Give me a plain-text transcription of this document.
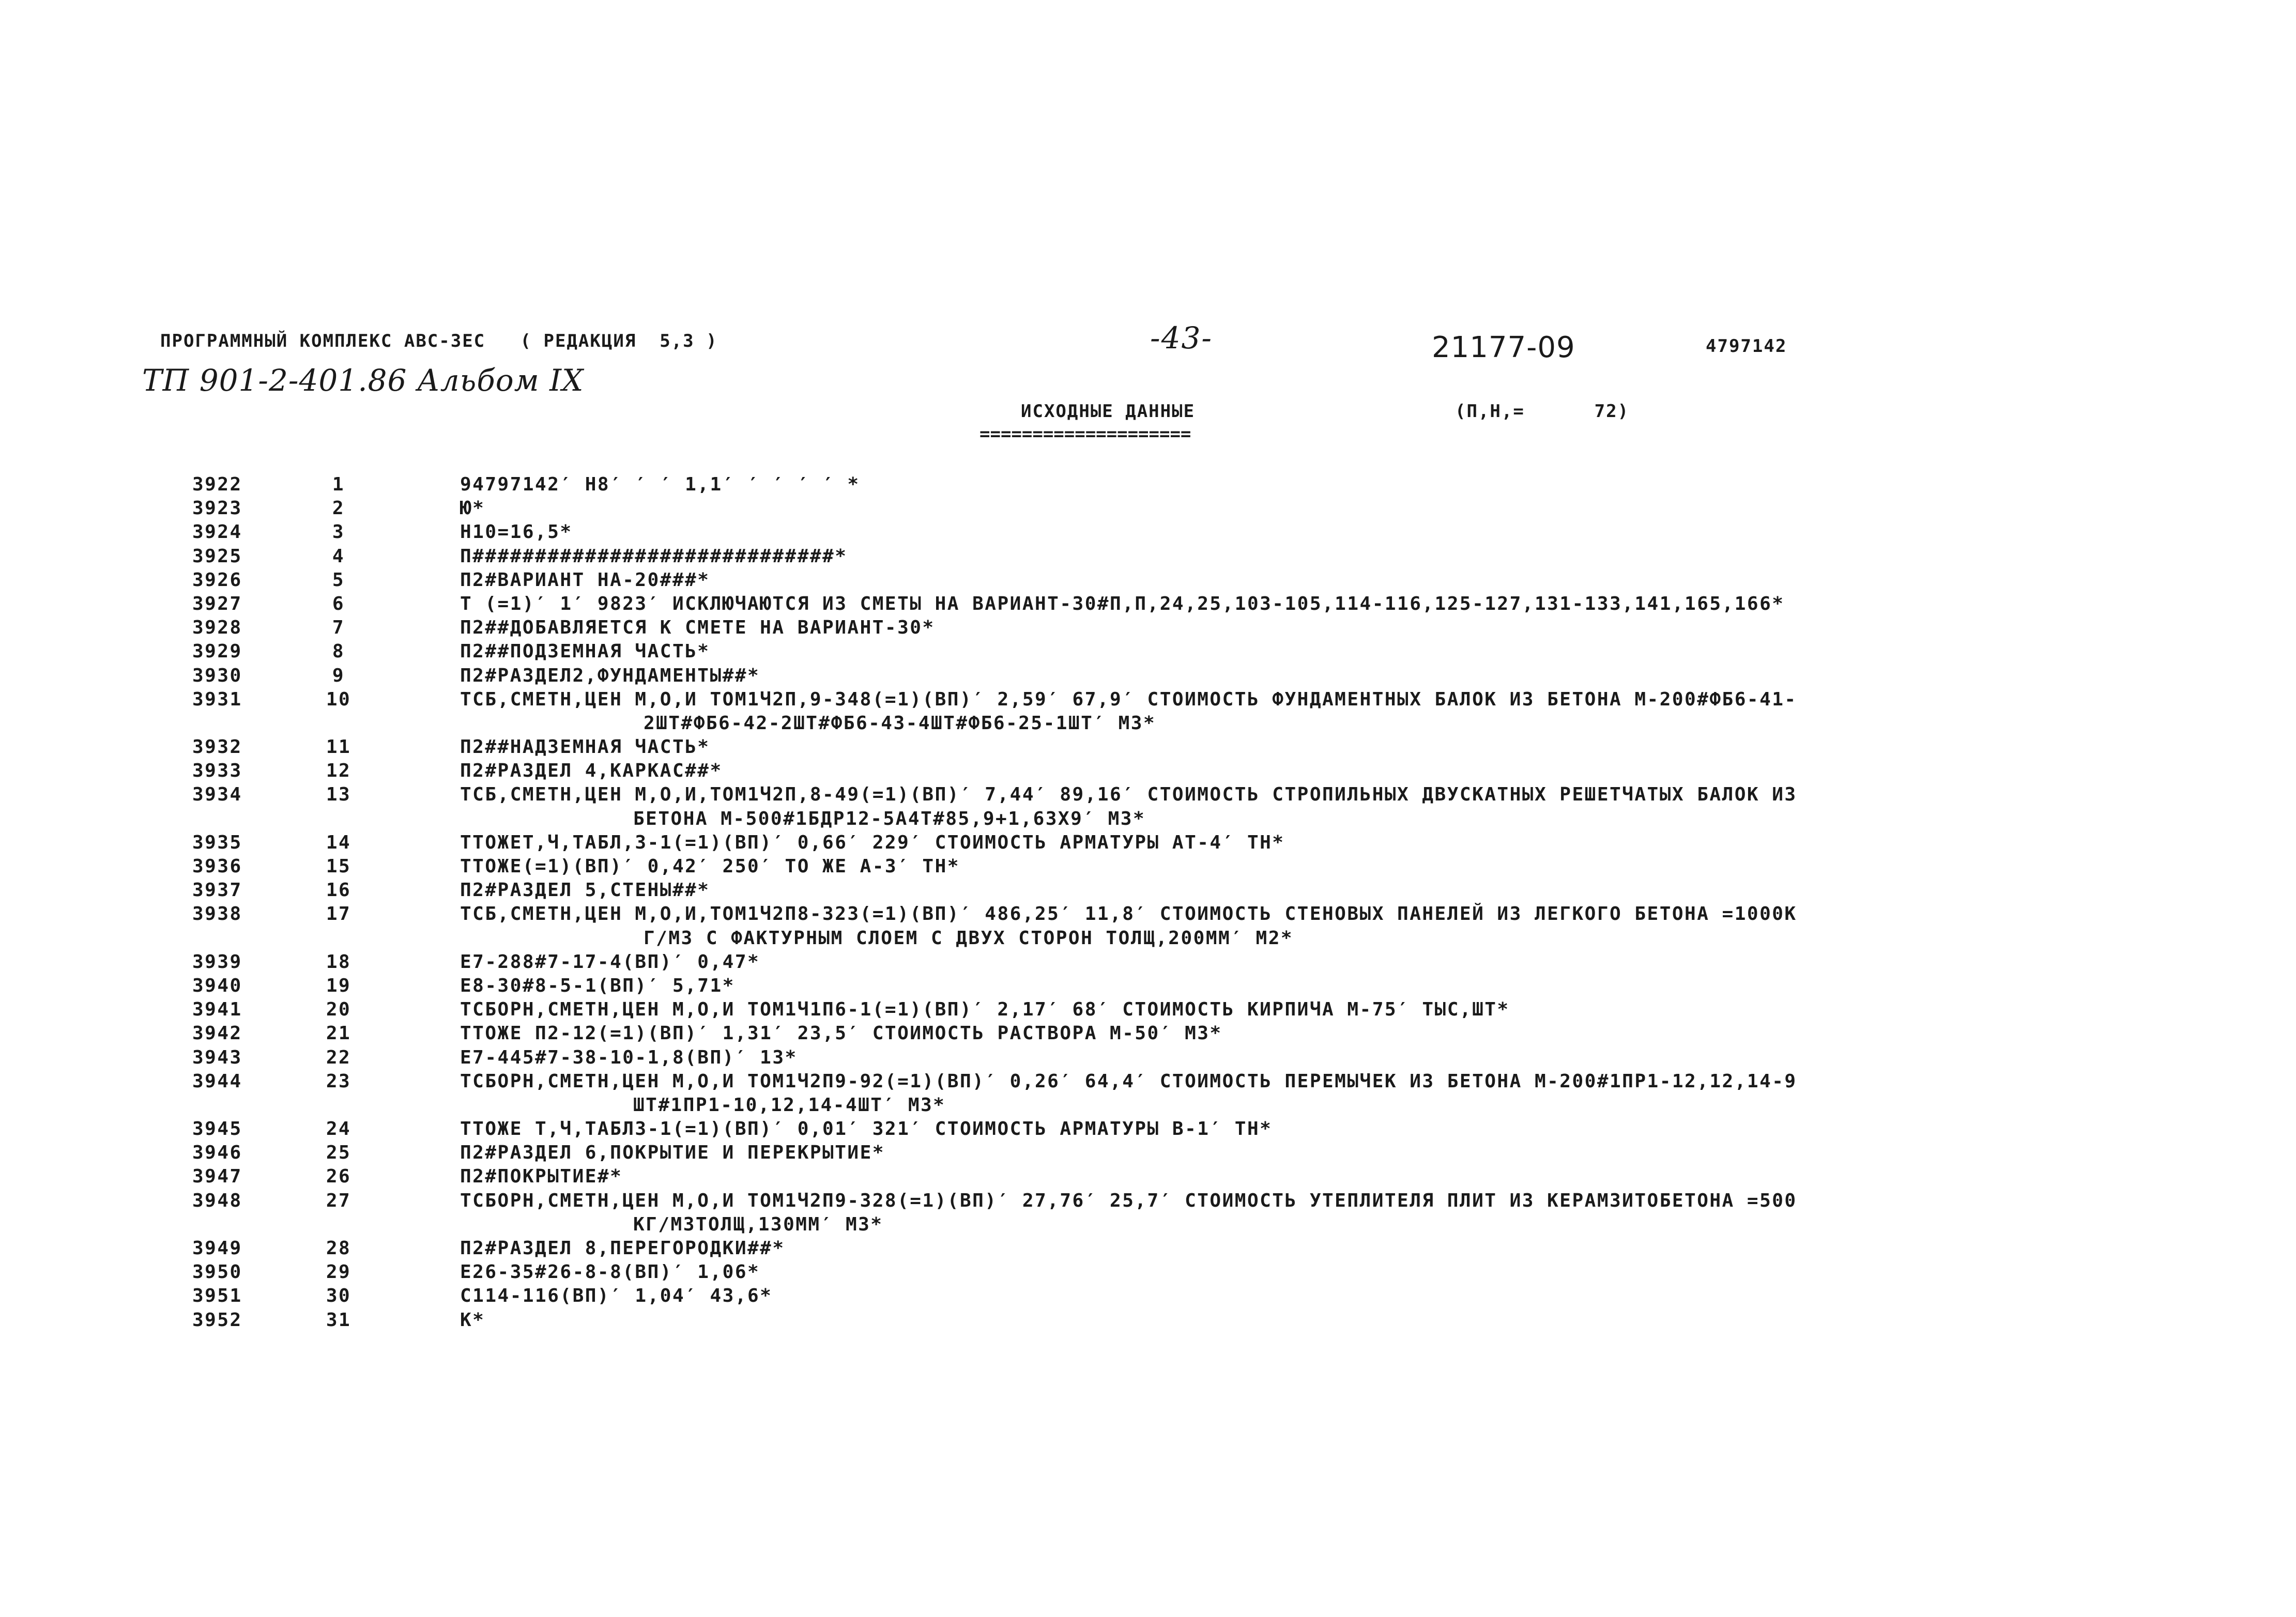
ПРОГРАММНЫЙ КОМПЛЕКС АВС-ЗЕС   ( РЕДАКЦИЯ  5,3 )	-43-	21177-09	4797142
ТП 901-2-401.86 Альбом IX
ИСХОДНЫЕ ДАННЫЕ
====================
(П,Н,=      72)
3922	1	94797142′ Н8′ ′ ′ 1,1′ ′ ′ ′ ′ *
3923	2	Ю*
3924	3	Н10=16,5*
3925	4	П#############################*
3926	5	П2#ВАРИАНТ НА-20###*
3927	6	Т (=1)′ 1′ 9823′ ИСКЛЮЧАЮТСЯ ИЗ СМЕТЫ НА ВАРИАНТ-30#П,П,24,25,103-105,114-116,125-127,131-133,141,165,166*
3928	7	П2##ДОБАВЛЯЕТСЯ К СМЕТЕ НА ВАРИАНТ-30*
3929	8	П2##ПОДЗЕМНАЯ ЧАСТЬ*
3930	9	П2#РАЗДЕЛ2,ФУНДАМЕНТЫ##*
3931	10	ТСБ,СМЕТН,ЦЕН М,О,И ТОМ1Ч2П,9-348(=1)(ВП)′ 2,59′ 67,9′ СТОИМОСТЬ ФУНДАМЕНТНЫХ БАЛОК ИЗ БЕТОНА М-200#ФБ6-41-
2ШТ#ФБ6-42-2ШТ#ФБ6-43-4ШТ#ФБ6-25-1ШТ′ М3*
3932	11	П2##НАДЗЕМНАЯ ЧАСТЬ*
3933	12	П2#РАЗДЕЛ 4,КАРКАС##*
3934	13	ТСБ,СМЕТН,ЦЕН М,О,И,ТОМ1Ч2П,8-49(=1)(ВП)′ 7,44′ 89,16′ СТОИМОСТЬ СТРОПИЛЬНЫХ ДВУСКАТНЫХ РЕШЕТЧАТЫХ БАЛОК ИЗ
БЕТОНА М-500#1БДР12-5А4Т#85,9+1,63Х9′ М3*
3935	14	ТТОЖЕТ,Ч,ТАБЛ,3-1(=1)(ВП)′ 0,66′ 229′ СТОИМОСТЬ АРМАТУРЫ АТ-4′ ТН*
3936	15	ТТОЖЕ(=1)(ВП)′ 0,42′ 250′ ТО ЖЕ А-3′ ТН*
3937	16	П2#РАЗДЕЛ 5,СТЕНЫ##*
3938	17	ТСБ,СМЕТН,ЦЕН М,О,И,ТОМ1Ч2П8-323(=1)(ВП)′ 486,25′ 11,8′ СТОИМОСТЬ СТЕНОВЫХ ПАНЕЛЕЙ ИЗ ЛЕГКОГО БЕТОНА =1000К
Г/М3 С ФАКТУРНЫМ СЛОЕМ С ДВУХ СТОРОН ТОЛЩ,200ММ′ М2*
3939	18	Е7-288#7-17-4(ВП)′ 0,47*
3940	19	Е8-30#8-5-1(ВП)′ 5,71*
3941	20	ТСБОРН,СМЕТН,ЦЕН М,О,И ТОМ1Ч1П6-1(=1)(ВП)′ 2,17′ 68′ СТОИМОСТЬ КИРПИЧА М-75′ ТЫС,ШТ*
3942	21	ТТОЖЕ П2-12(=1)(ВП)′ 1,31′ 23,5′ СТОИМОСТЬ РАСТВОРА М-50′ М3*
3943	22	Е7-445#7-38-10-1,8(ВП)′ 13*
3944	23	ТСБОРН,СМЕТН,ЦЕН М,О,И ТОМ1Ч2П9-92(=1)(ВП)′ 0,26′ 64,4′ СТОИМОСТЬ ПЕРЕМЫЧЕК ИЗ БЕТОНА М-200#1ПР1-12,12,14-9
ШТ#1ПР1-10,12,14-4ШТ′ М3*
3945	24	ТТОЖЕ Т,Ч,ТАБЛ3-1(=1)(ВП)′ 0,01′ 321′ СТОИМОСТЬ АРМАТУРЫ В-1′ ТН*
3946	25	П2#РАЗДЕЛ 6,ПОКРЫТИЕ И ПЕРЕКРЫТИЕ*
3947	26	П2#ПОКРЫТИЕ#*
3948	27	ТСБОРН,СМЕТН,ЦЕН М,О,И ТОМ1Ч2П9-328(=1)(ВП)′ 27,76′ 25,7′ СТОИМОСТЬ УТЕПЛИТЕЛЯ ПЛИТ ИЗ КЕРАМЗИТОБЕТОНА =500
КГ/М3ТОЛЩ,130ММ′ М3*
3949	28	П2#РАЗДЕЛ 8,ПЕРЕГОРОДКИ##*
3950	29	Е26-35#26-8-8(ВП)′ 1,06*
3951	30	С114-116(ВП)′ 1,04′ 43,6*
3952	31	К*
